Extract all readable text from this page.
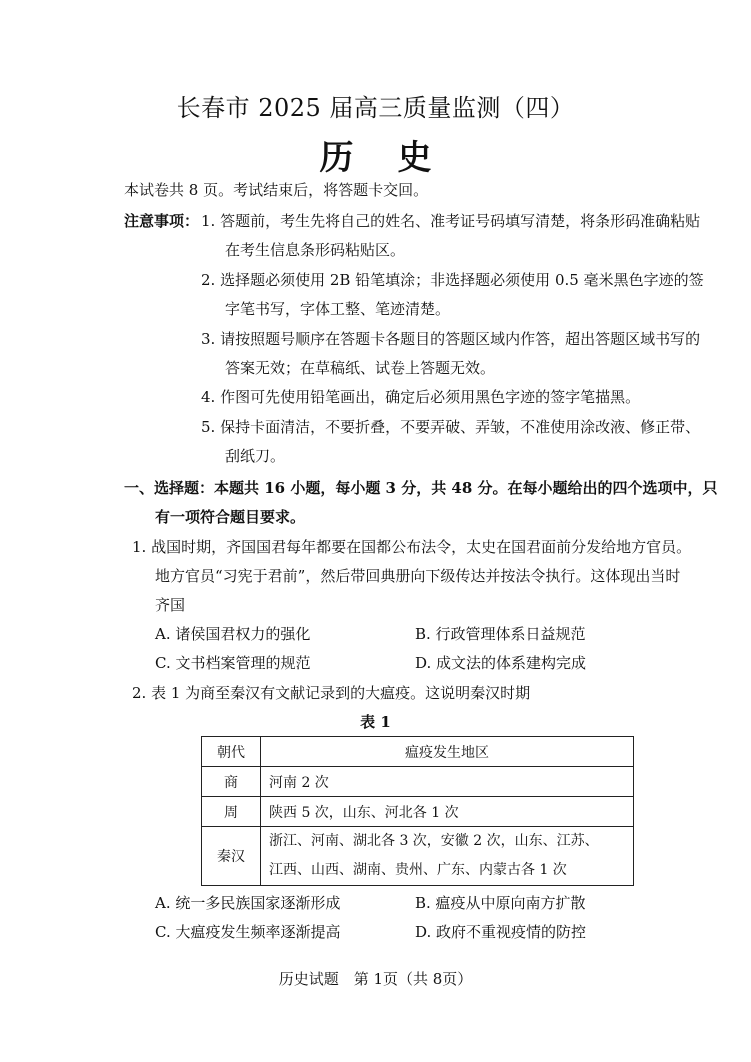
长春市 2025 届高三质量监测（四）
历史
本试卷共 8 页。考试结束后，将答题卡交回。
注意事项： 1. 答题前，考生先将自己的姓名、准考证号码填写清楚，将条形码准确粘贴
在考生信息条形码粘贴区。
2. 选择题必须使用 2B 铅笔填涂；非选择题必须使用 0.5 毫米黑色字迹的签
字笔书写，字体工整、笔迹清楚。
3. 请按照题号顺序在答题卡各题目的答题区域内作答，超出答题区域书写的
答案无效；在草稿纸、试卷上答题无效。
4. 作图可先使用铅笔画出，确定后必须用黑色字迹的签字笔描黑。
5. 保持卡面清洁，不要折叠，不要弄破、弄皱，不准使用涂改液、修正带、
刮纸刀。
一、选择题：本题共 16 小题，每小题 3 分，共 48 分。在每小题给出的四个选项中，只
有一项符合题目要求。
1. 战国时期，齐国国君每年都要在国都公布法令，太史在国君面前分发给地方官员。
地方官员“习宪于君前”，然后带回典册向下级传达并按法令执行。这体现出当时
齐国
A. 诸侯国君权力的强化	B. 行政管理体系日益规范
C. 文书档案管理的规范	D. 成文法的体系建构完成
2. 表 1 为商至秦汉有文献记录到的大瘟疫。这说明秦汉时期
表 1
朝代	瘟疫发生地区
商	河南 2 次
周	陕西 5 次，山东、河北各 1 次
秦汉	浙江、河南、湖北各 3 次，安徽 2 次，山东、江苏、
江西、山西、湖南、贵州、广东、内蒙古各 1 次
A. 统一多民族国家逐渐形成	B. 瘟疫从中原向南方扩散
C. 大瘟疫发生频率逐渐提高	D. 政府不重视疫情的防控
历史试题　第 1页（共 8页）
